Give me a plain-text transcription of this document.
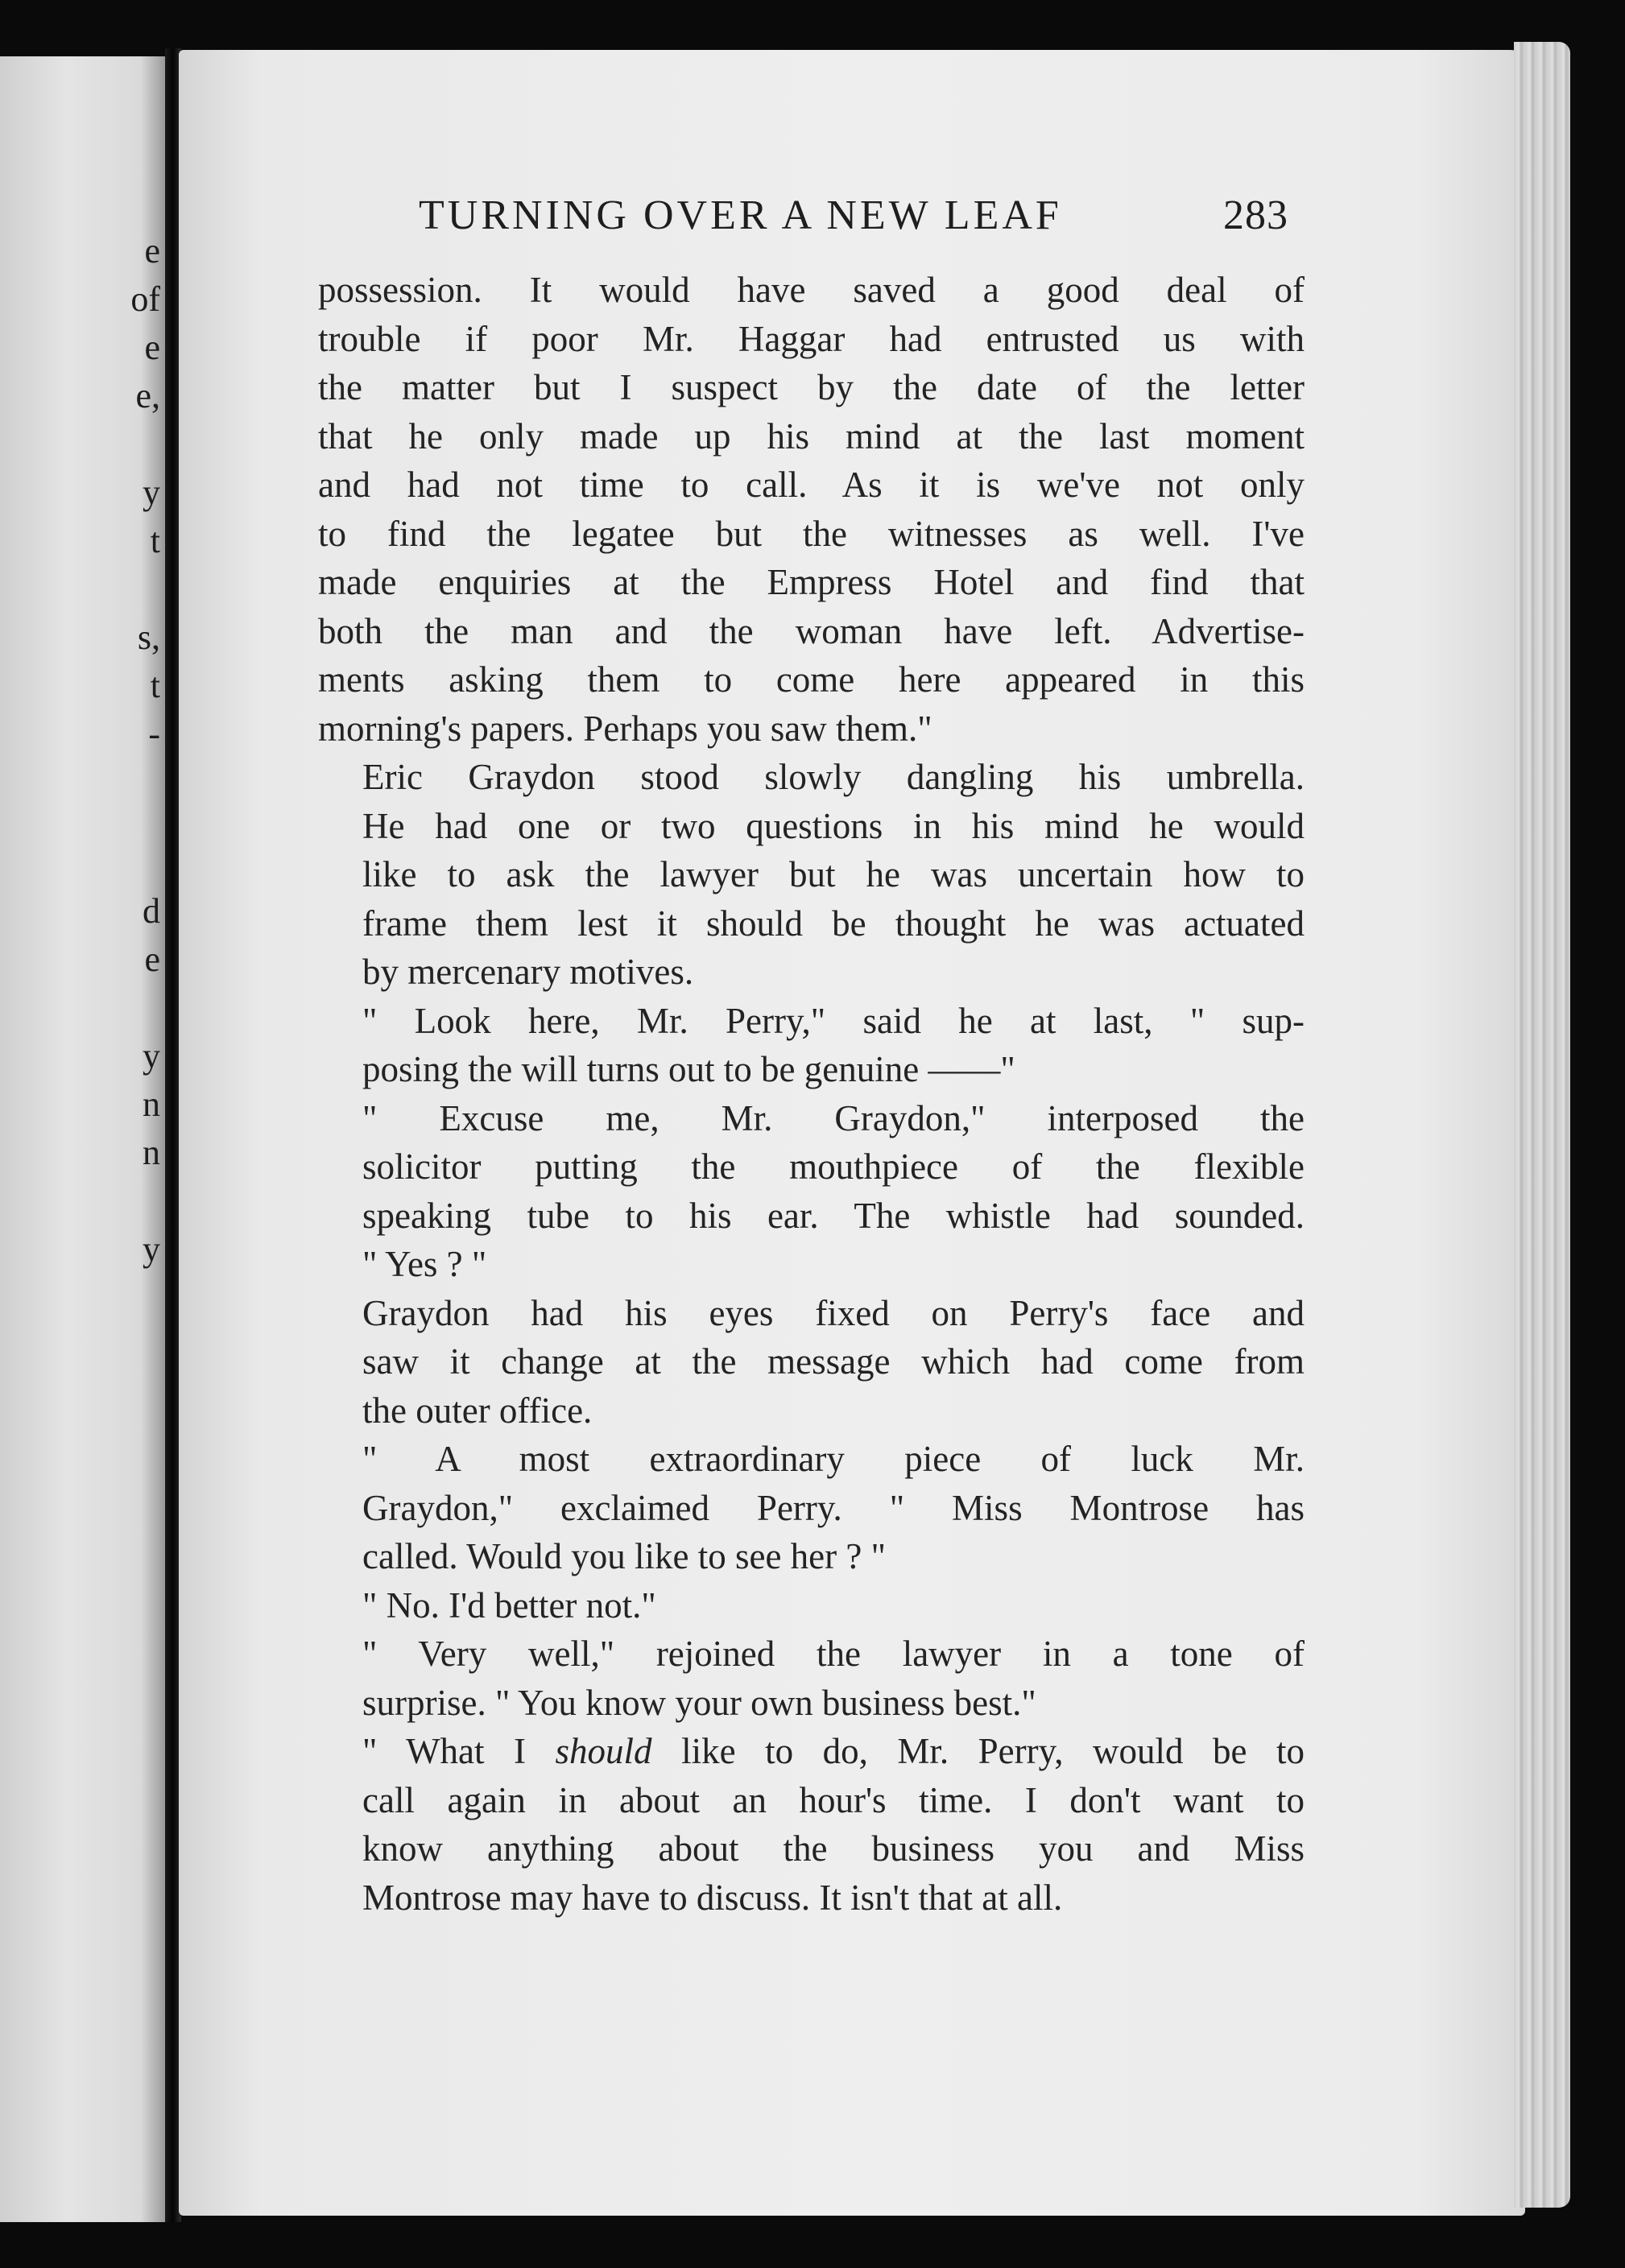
e
of
e
e,
y
t
s,
t
-
d
e
y
n
n
y
TURNING OVER A NEW LEAF	283

possession. It would have saved a good deal of
trouble if poor Mr. Haggar had entrusted us with
the matter but I suspect by the date of the letter
that he only made up his mind at the last moment
and had not time to call. As it is we've not only
to find the legatee but the witnesses as well. I've
made enquiries at the Empress Hotel and find that
both the man and the woman have left. Advertise-
ments asking them to come here appeared in this
morning's papers. Perhaps you saw them."

Eric Graydon stood slowly dangling his umbrella.
He had one or two questions in his mind he would
like to ask the lawyer but he was uncertain how to
frame them lest it should be thought he was actuated
by mercenary motives.

" Look here, Mr. Perry," said he at last, " sup-
posing the will turns out to be genuine ——"

" Excuse me, Mr. Graydon," interposed the
solicitor putting the mouthpiece of the flexible
speaking tube to his ear. The whistle had sounded.
" Yes ? "

Graydon had his eyes fixed on Perry's face and
saw it change at the message which had come from
the outer office.

" A most extraordinary piece of luck Mr.
Graydon," exclaimed Perry. " Miss Montrose has
called. Would you like to see her ? "

" No. I'd better not."

" Very well," rejoined the lawyer in a tone of
surprise. " You know your own business best."

" What I should like to do, Mr. Perry, would be to
call again in about an hour's time. I don't want to
know anything about the business you and Miss
Montrose may have to discuss. It isn't that at all.
